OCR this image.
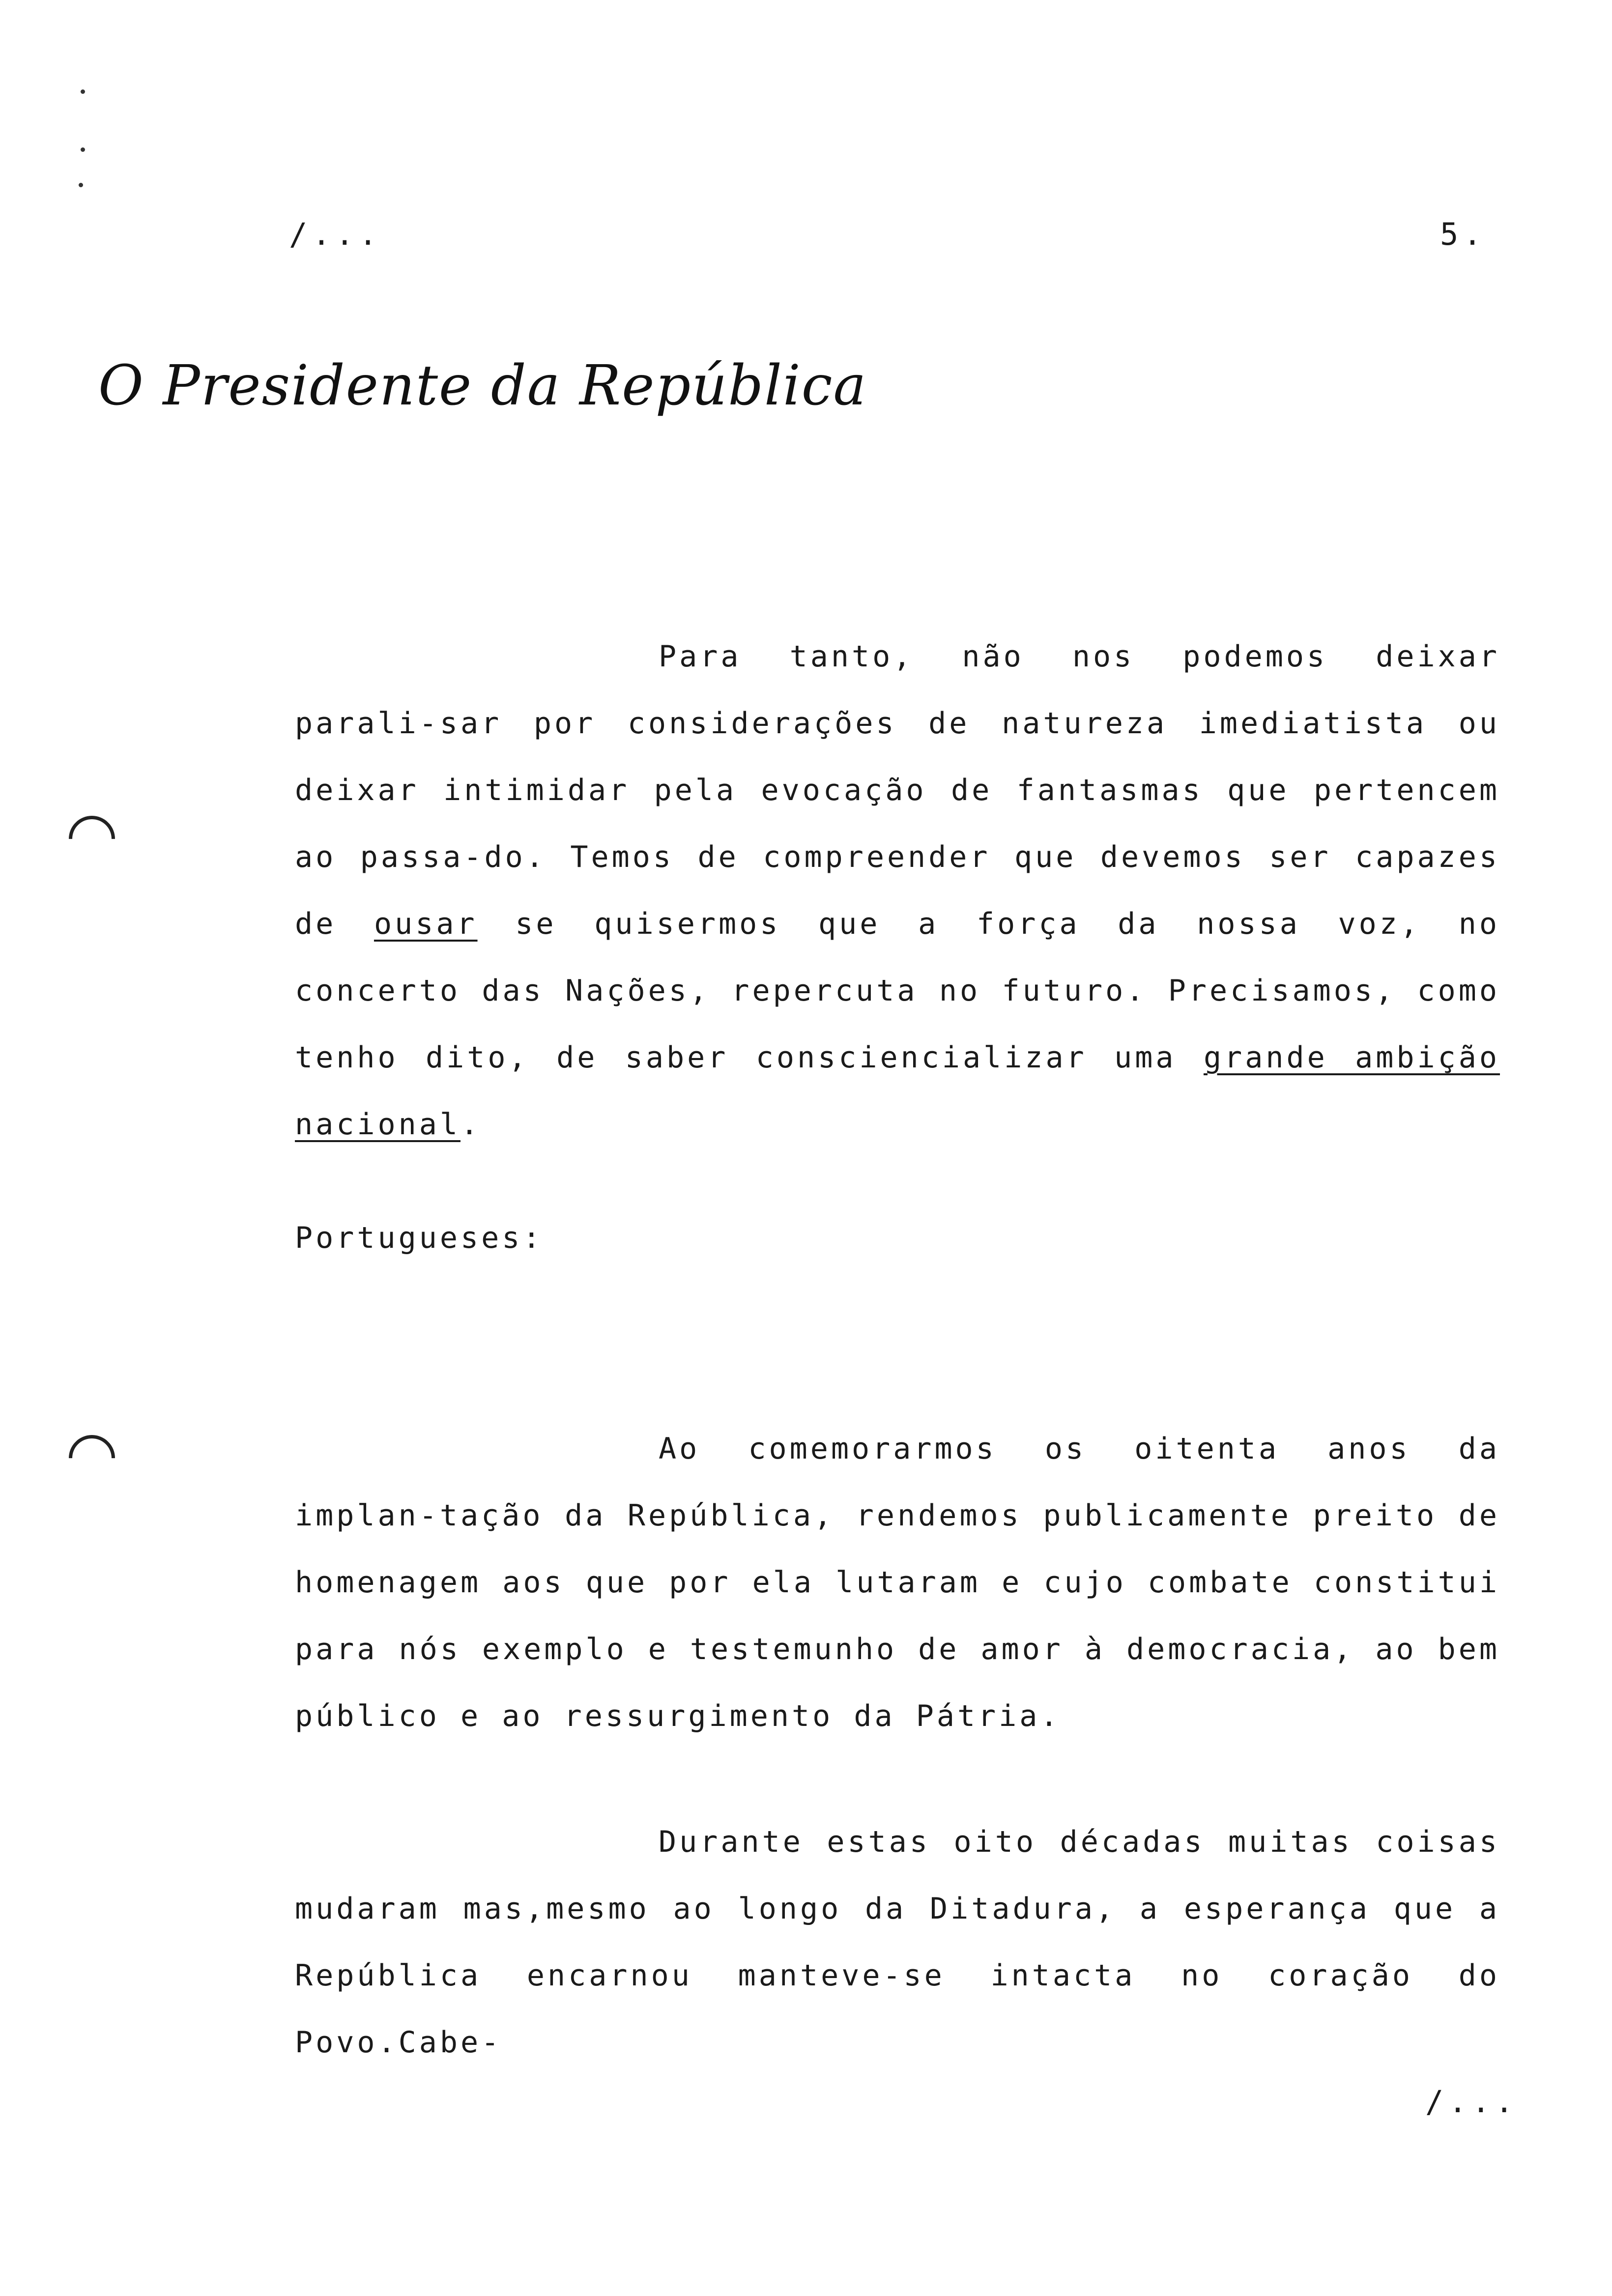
/...	5.
O Presidente da República
Para tanto, não nos podemos deixar parali-sar por considerações de natureza imediatista ou deixar intimidar pela evocação de fantasmas que pertencem ao passa-do. Temos de compreender que devemos ser capazes de ousar se quisermos que a força da nossa voz, no concerto das Nações, repercuta no futuro. Precisamos, como tenho dito, de saber consciencializar uma grande ambição nacional.
Portugueses:
Ao comemorarmos os oitenta anos da implan-tação da República, rendemos publicamente preito de homenagem aos que por ela lutaram e cujo combate constitui para nós exemplo e testemunho de amor à democracia, ao bem público e ao ressurgimento da Pátria.
Durante estas oito décadas muitas coisas mudaram mas,mesmo ao longo da Ditadura, a esperança que a República encarnou manteve-se intacta no coração do Povo.Cabe-
/...
